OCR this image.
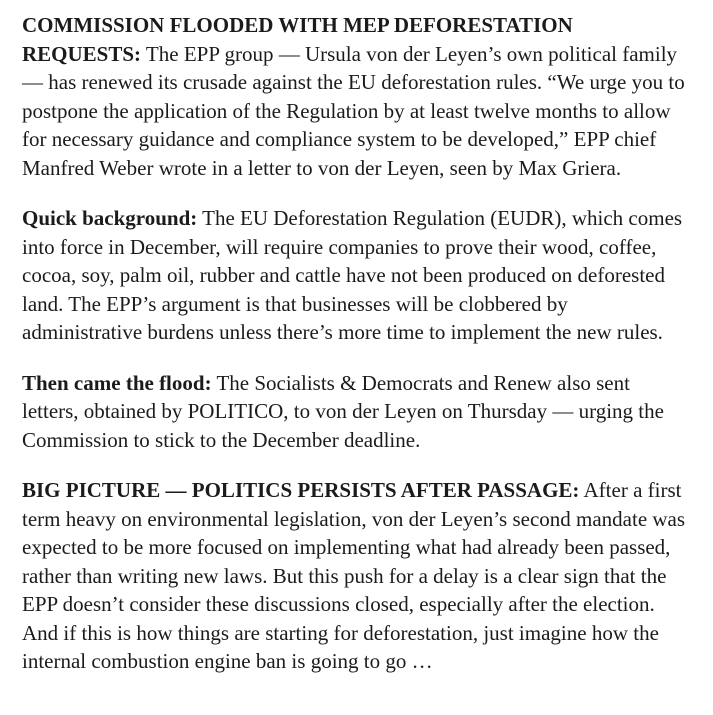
COMMISSION FLOODED WITH MEP DEFORESTATION REQUESTS: The EPP group — Ursula von der Leyen’s own political family — has renewed its crusade against the EU deforestation rules. “We urge you to postpone the application of the Regulation by at least twelve months to allow for necessary guidance and compliance system to be developed,” EPP chief Manfred Weber wrote in a letter to von der Leyen, seen by Max Griera.

Quick background: The EU Deforestation Regulation (EUDR), which comes into force in December, will require companies to prove their wood, coffee, cocoa, soy, palm oil, rubber and cattle have not been produced on deforested land. The EPP’s argument is that businesses will be clobbered by administrative burdens unless there’s more time to implement the new rules.

Then came the flood: The Socialists & Democrats and Renew also sent letters, obtained by POLITICO, to von der Leyen on Thursday — urging the Commission to stick to the December deadline.

BIG PICTURE — POLITICS PERSISTS AFTER PASSAGE: After a first term heavy on environmental legislation, von der Leyen’s second mandate was expected to be more focused on implementing what had already been passed, rather than writing new laws. But this push for a delay is a clear sign that the EPP doesn’t consider these discussions closed, especially after the election. And if this is how things are starting for deforestation, just imagine how the internal combustion engine ban is going to go …
